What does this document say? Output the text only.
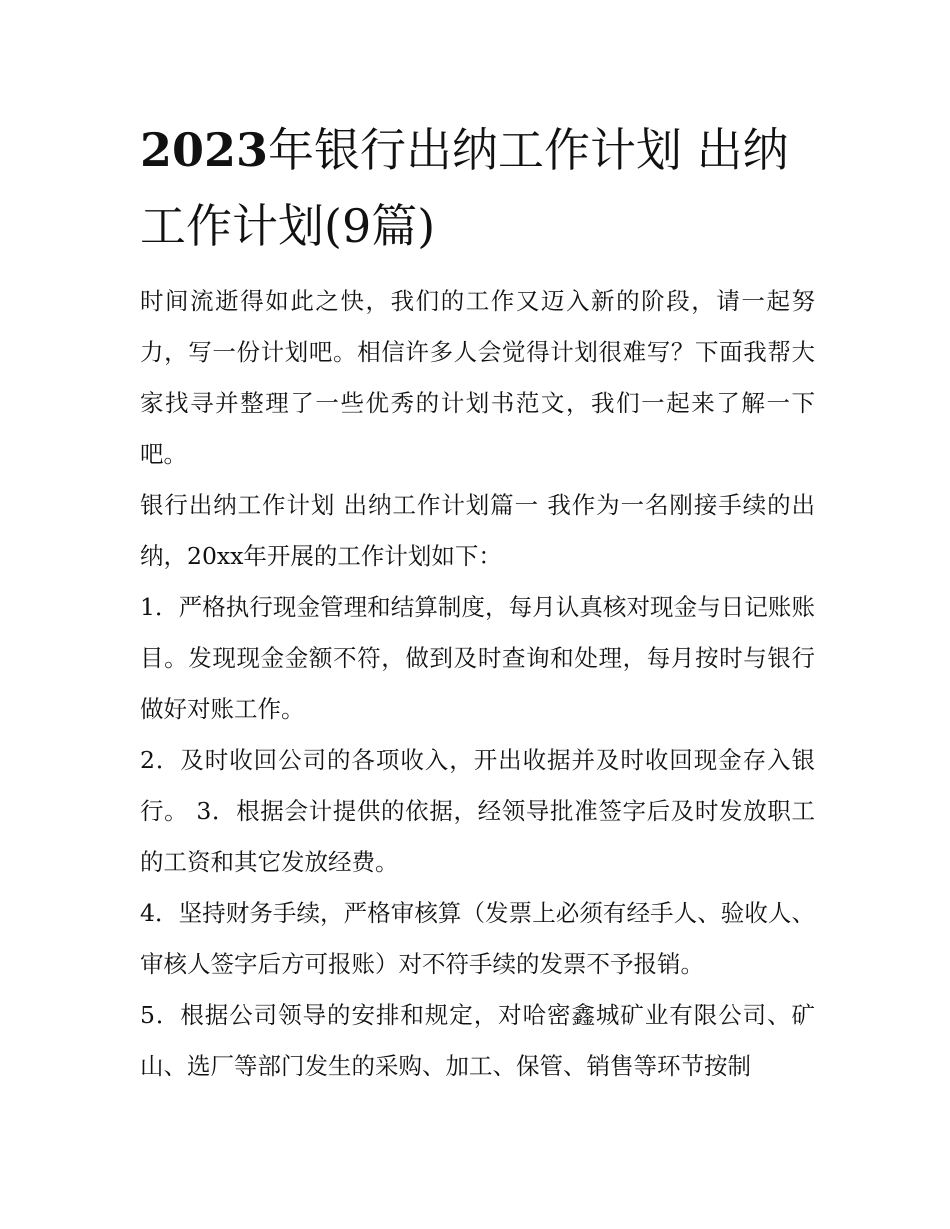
2023年银行出纳工作计划 出纳工作计划(9篇)

时间流逝得如此之快，我们的工作又迈入新的阶段，请一起努力，写一份计划吧。相信许多人会觉得计划很难写？下面我帮大家找寻并整理了一些优秀的计划书范文，我们一起来了解一下吧。

银行出纳工作计划 出纳工作计划篇一 我作为一名刚接手续的出纳，20xx年开展的工作计划如下：

1．严格执行现金管理和结算制度，每月认真核对现金与日记账账目。发现现金金额不符，做到及时查询和处理，每月按时与银行做好对账工作。

2．及时收回公司的各项收入，开出收据并及时收回现金存入银行。 3．根据会计提供的依据，经领导批准签字后及时发放职工的工资和其它发放经费。

4．坚持财务手续，严格审核算（发票上必须有经手人、验收人、审核人签字后方可报账）对不符手续的发票不予报销。

5．根据公司领导的安排和规定，对哈密鑫城矿业有限公司、矿山、选厂等部门发生的采购、加工、保管、销售等环节按制
